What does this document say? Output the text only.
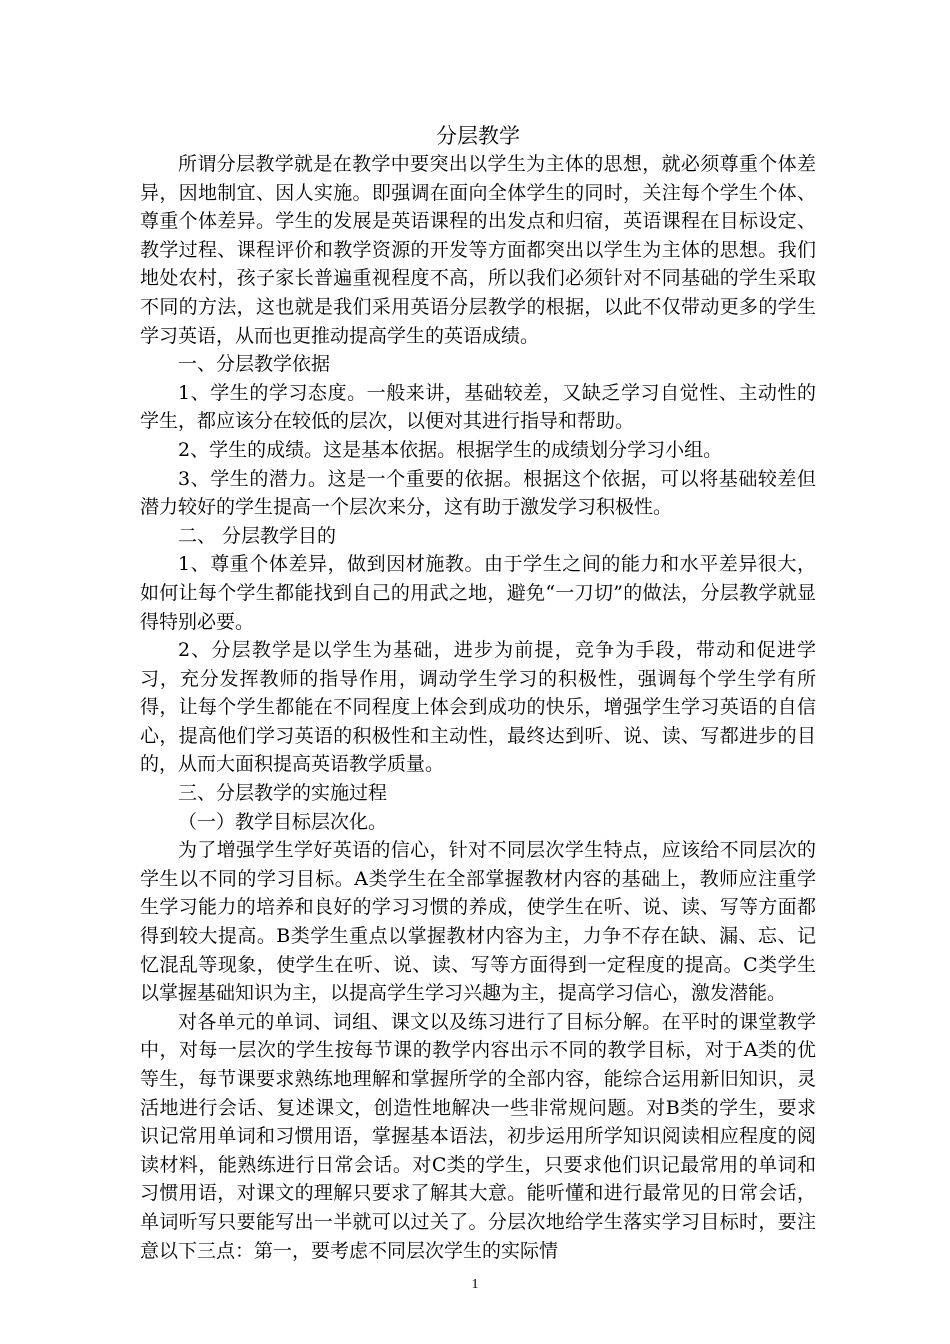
分层教学

所谓分层教学就是在教学中要突出以学生为主体的思想，就必须尊重个体差异，因地制宜、因人实施。即强调在面向全体学生的同时，关注每个学生个体、尊重个体差异。学生的发展是英语课程的出发点和归宿，英语课程在目标设定、教学过程、课程评价和教学资源的开发等方面都突出以学生为主体的思想。我们地处农村，孩子家长普遍重视程度不高，所以我们必须针对不同基础的学生采取不同的方法，这也就是我们采用英语分层教学的根据，以此不仅带动更多的学生学习英语，从而也更推动提高学生的英语成绩。

一、分层教学依据

1、学生的学习态度。一般来讲，基础较差，又缺乏学习自觉性、主动性的学生，都应该分在较低的层次，以便对其进行指导和帮助。

2、学生的成绩。这是基本依据。根据学生的成绩划分学习小组。

3、学生的潜力。这是一个重要的依据。根据这个依据，可以将基础较差但潜力较好的学生提高一个层次来分，这有助于激发学习积极性。

二、 分层教学目的

1、尊重个体差异，做到因材施教。由于学生之间的能力和水平差异很大，如何让每个学生都能找到自己的用武之地，避免“一刀切”的做法，分层教学就显得特别必要。

2、分层教学是以学生为基础，进步为前提，竞争为手段，带动和促进学习，充分发挥教师的指导作用，调动学生学习的积极性，强调每个学生学有所得，让每个学生都能在不同程度上体会到成功的快乐，增强学生学习英语的自信心，提高他们学习英语的积极性和主动性，最终达到听、说、读、写都进步的目的，从而大面积提高英语教学质量。

三、分层教学的实施过程

（一）教学目标层次化。

为了增强学生学好英语的信心，针对不同层次学生特点，应该给不同层次的学生以不同的学习目标。A类学生在全部掌握教材内容的基础上，教师应注重学生学习能力的培养和良好的学习习惯的养成，使学生在听、说、读、写等方面都得到较大提高。B类学生重点以掌握教材内容为主，力争不存在缺、漏、忘、记忆混乱等现象，使学生在听、说、读、写等方面得到一定程度的提高。C类学生以掌握基础知识为主，以提高学生学习兴趣为主，提高学习信心，激发潜能。

对各单元的单词、词组、课文以及练习进行了目标分解。在平时的课堂教学中，对每一层次的学生按每节课的教学内容出示不同的教学目标，对于A类的优等生，每节课要求熟练地理解和掌握所学的全部内容，能综合运用新旧知识，灵活地进行会话、复述课文，创造性地解决一些非常规问题。对B类的学生，要求识记常用单词和习惯用语，掌握基本语法，初步运用所学知识阅读相应程度的阅读材料，能熟练进行日常会话。对C类的学生，只要求他们识记最常用的单词和习惯用语，对课文的理解只要求了解其大意。能听懂和进行最常见的日常会话，单词听写只要能写出一半就可以过关了。分层次地给学生落实学习目标时，要注意以下三点：第一，要考虑不同层次学生的实际情

1
